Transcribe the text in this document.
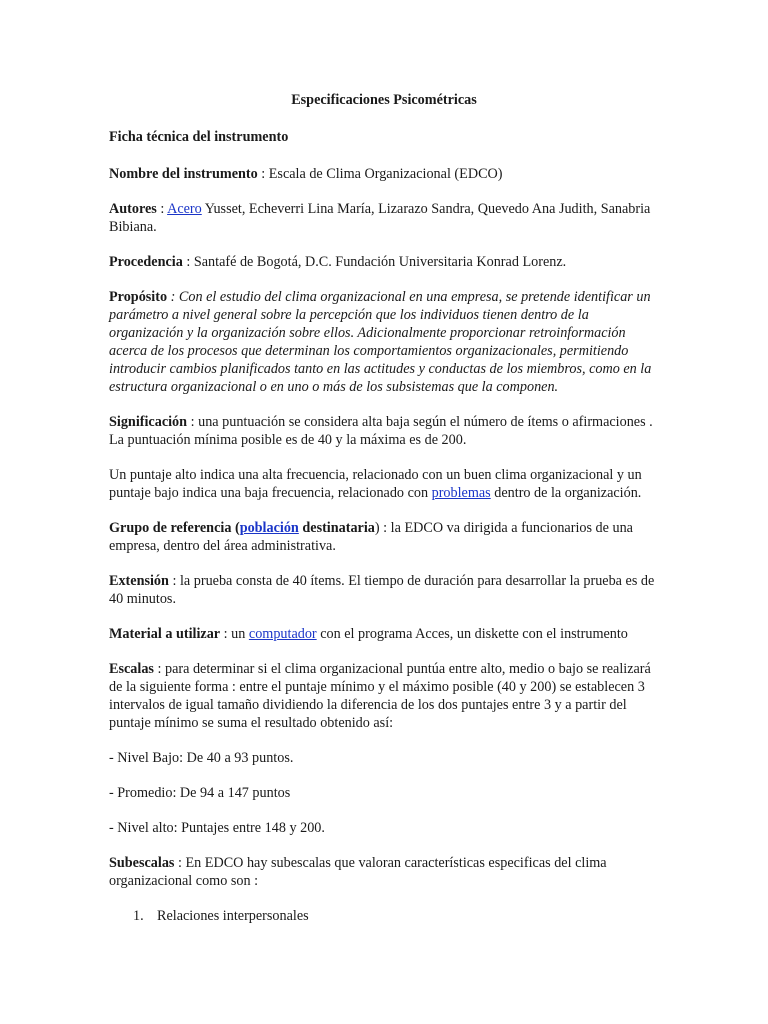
Especificaciones Psicométricas

Ficha técnica del instrumento

Nombre del instrumento : Escala de Clima Organizacional (EDCO)

Autores : Acero Yusset, Echeverri Lina María, Lizarazo Sandra, Quevedo Ana Judith, Sanabria Bibiana.

Procedencia : Santafé de Bogotá, D.C. Fundación Universitaria Konrad Lorenz.

Propósito : Con el estudio del clima organizacional en una empresa, se pretende identificar un parámetro a nivel general sobre la percepción que los individuos tienen dentro de la organización y la organización sobre ellos. Adicionalmente proporcionar retroinformación acerca de los procesos que determinan los comportamientos organizacionales, permitiendo introducir cambios planificados tanto en las actitudes y conductas de los miembros, como en la estructura organizacional o en uno o más de los subsistemas que la componen.

Significación : una puntuación se considera alta baja según el número de ítems o afirmaciones . La puntuación mínima posible es de 40 y la máxima es de 200.

Un puntaje alto indica una alta frecuencia, relacionado con un buen clima organizacional y un puntaje bajo indica una baja frecuencia, relacionado con problemas dentro de la organización.

Grupo de referencia (población destinataria) : la EDCO va dirigida a funcionarios de una empresa, dentro del área administrativa.

Extensión : la prueba consta de 40 ítems. El tiempo de duración para desarrollar la prueba es de 40 minutos.

Material a utilizar : un computador con el programa Acces, un diskette con el instrumento

Escalas : para determinar si el clima organizacional puntúa entre alto, medio o bajo se realizará de la siguiente forma : entre el puntaje mínimo y el máximo posible (40 y 200) se establecen 3 intervalos de igual tamaño dividiendo la diferencia de los dos puntajes entre 3 y a partir del puntaje mínimo se suma el resultado obtenido así:

- Nivel Bajo: De 40 a 93 puntos.

- Promedio: De 94 a 147 puntos

- Nivel alto: Puntajes entre 148 y 200.

Subescalas : En EDCO hay subescalas que valoran características especificas del clima organizacional como son :

1. Relaciones interpersonales
